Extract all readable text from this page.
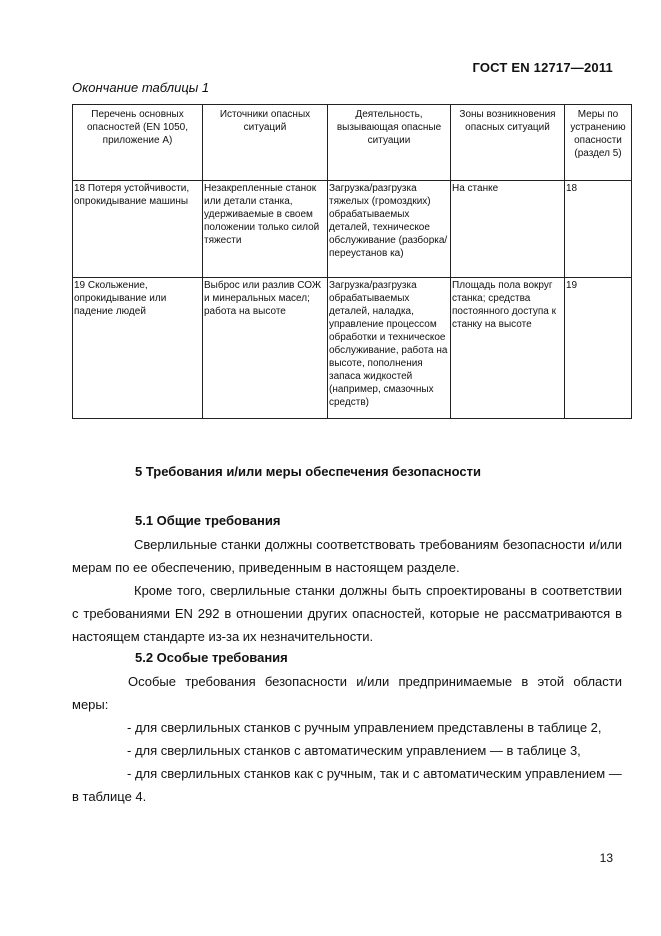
ГОСТ EN 12717—2011
Окончание таблицы 1
Перечень основных опасностей (EN 1050, приложение А)	Источники опасных ситуаций	Деятельность, вызывающая опасные ситуации	Зоны возникновения опасных ситуаций	Меры по устранению опасности (раздел 5)
18 Потеря устойчивости, опрокидывание машины	Незакрепленные станок или детали станка, удерживаемые в своем положении только силой тяжести	Загрузка/разгрузка тяжелых (громоздких) обрабатываемых деталей, техническое обслуживание (разборка/переустанов ка)	На станке	18
19 Скольжение, опрокидывание или падение людей	Выброс или разлив СОЖ и минеральных масел; работа на высоте	Загрузка/разгрузка обрабатываемых деталей, наладка, управление процессом обработки и техническое обслуживание, работа на высоте, пополнения запаса жидкостей (например, смазочных средств)	Площадь пола вокруг станка; средства постоянного доступа к станку на высоте	19
5 Требования и/или меры обеспечения безопасности
5.1 Общие требования
Сверлильные станки должны соответствовать требованиям безопасности и/или мерам по ее обеспечению, приведенным в настоящем разделе.
Кроме того, сверлильные станки должны быть спроектированы в соответствии с требованиями EN 292 в отношении других опасностей, которые не рассматриваются в настоящем стандарте из-за их незначительности.
5.2 Особые требования
Особые требования безопасности и/или предпринимаемые в этой области меры:
- для сверлильных станков с ручным управлением представлены в таблице 2,
- для сверлильных станков с автоматическим управлением — в таблице 3,
- для сверлильных станков как с ручным, так и с автоматическим управлением — в таблице 4.
13
